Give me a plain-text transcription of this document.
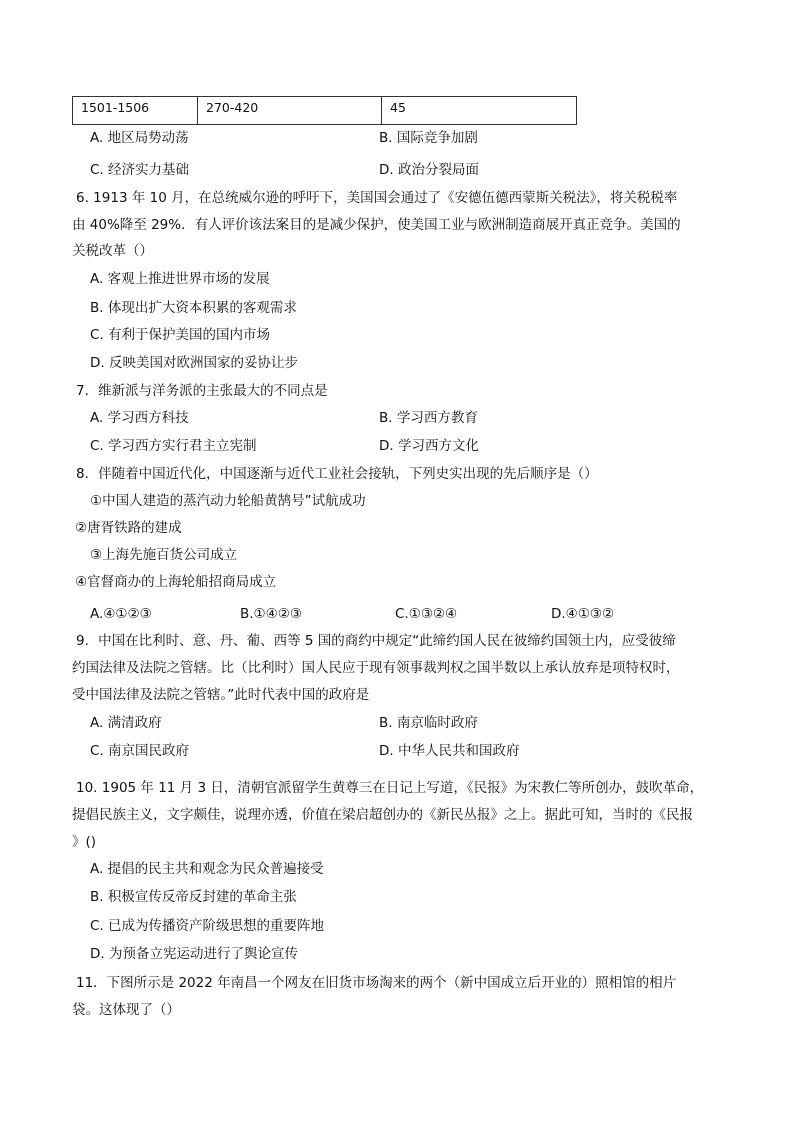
1501-1506	270-420	45
A. 地区局势动荡	B. 国际竞争加剧
C. 经济实力基础	D. 政治分裂局面
6. 1913 年 10 月，在总统威尔逊的呼吁下，美国国会通过了《安德伍德西蒙斯关税法》，将关税税率
由 40%降至 29%．有人评价该法案目的是减少保护，使美国工业与欧洲制造商展开真正竞争。美国的
关税改革（）
A. 客观上推进世界市场的发展
B. 体现出扩大资本积累的客观需求
C. 有利于保护美国的国内市场
D. 反映美国对欧洲国家的妥协让步
7．维新派与洋务派的主张最大的不同点是
A. 学习西方科技	B. 学习西方教育
C. 学习西方实行君主立宪制	D. 学习西方文化
8．伴随着中国近代化，中国逐渐与近代工业社会接轨，下列史实出现的先后顺序是（）
①中国人建造的蒸汽动力轮船黄鹄号”试航成功
②唐胥铁路的建成
③上海先施百货公司成立
④官督商办的上海轮船招商局成立
A.④①②③	B.①④②③	C.①③②④	D.④①③②
9．中国在比利时、意、丹、葡、西等 5 国的商约中规定“此缔约国人民在彼缔约国领土内，应受彼缔
约国法律及法院之管辖。比（比利时）国人民应于现有领事裁判权之国半数以上承认放弃是项特权时，
受中国法律及法院之管辖。”此时代表中国的政府是
A. 满清政府	B. 南京临时政府
C. 南京国民政府	D. 中华人民共和国政府
10. 1905 年 11 月 3 日，清朝官派留学生黄尊三在日记上写道，《民报》为宋教仁等所创办，鼓吹革命，
提倡民族主义，文字颇佳，说理亦透，价值在梁启超创办的《新民丛报》之上。据此可知，当时的《民报
》()
A. 提倡的民主共和观念为民众普遍接受
B. 积极宣传反帝反封建的革命主张
C. 已成为传播资产阶级思想的重要阵地
D. 为预备立宪运动进行了舆论宣传
11．下图所示是 2022 年南昌一个网友在旧货市场淘来的两个（新中国成立后开业的）照相馆的相片
袋。这体现了（）
